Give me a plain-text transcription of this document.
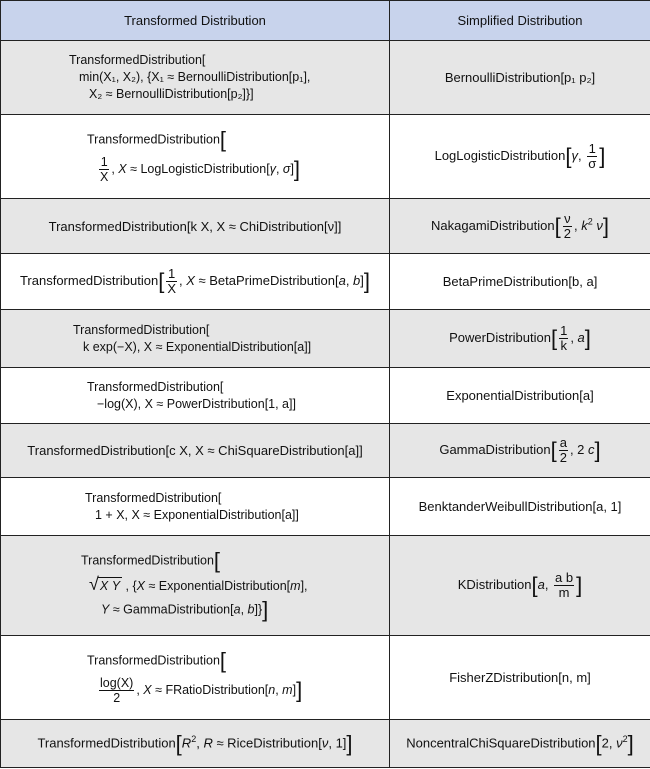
Transformed Distribution	Simplified Distribution

TransformedDistribution[
min(X₁, X₂), {X₁ ≈ BernoulliDistribution[p₁],
X₂ ≈ BernoulliDistribution[p₂]}]	BernoulliDistribution[p₁ p₂]

TransformedDistribution[
$\frac{1}{X}$ , X ≈ LogLogisticDistribution[γ, σ]]	LogLogisticDistribution[γ, $\frac{1}{\sigma}$ ]
TransformedDistribution[k X, X ≈ ChiDistribution[ν]]	NakagamiDistribution[ $\frac{\nu}{2}$ , $k^2$ ν]
TransformedDistribution[ $\frac{1}{X}$ , X ≈ BetaPrimeDistribution[a, b]]	BetaPrimeDistribution[b, a]

TransformedDistribution[
k exp(−X), X ≈ ExponentialDistribution[a]]	PowerDistribution[ $\frac{1}{k}$ , a]

TransformedDistribution[
−log(X), X ≈ PowerDistribution[1, a]]	ExponentialDistribution[a]
TransformedDistribution[c X, X ≈ ChiSquareDistribution[a]]	GammaDistribution[ $\frac{a}{2}$ , 2 c]

TransformedDistribution[
1 + X, X ≈ ExponentialDistribution[a]]	BenktanderWeibullDistribution[a, 1]

TransformedDistribution[
√X Y , {X ≈ ExponentialDistribution[m],
Y ≈ GammaDistribution[a, b]}]	KDistribution[a, $\frac{\text{a b}}{m}$ ]

TransformedDistribution[
$\frac{\log(X)}{2}$ , X ≈ FRatioDistribution[n, m]]	FisherZDistribution[n, m]
$TransformedDistribution[R^2$, R ≈ RiceDistribution[ν, 1]]	NoncentralChiSquareDistribution[2, $\nu^2$]
